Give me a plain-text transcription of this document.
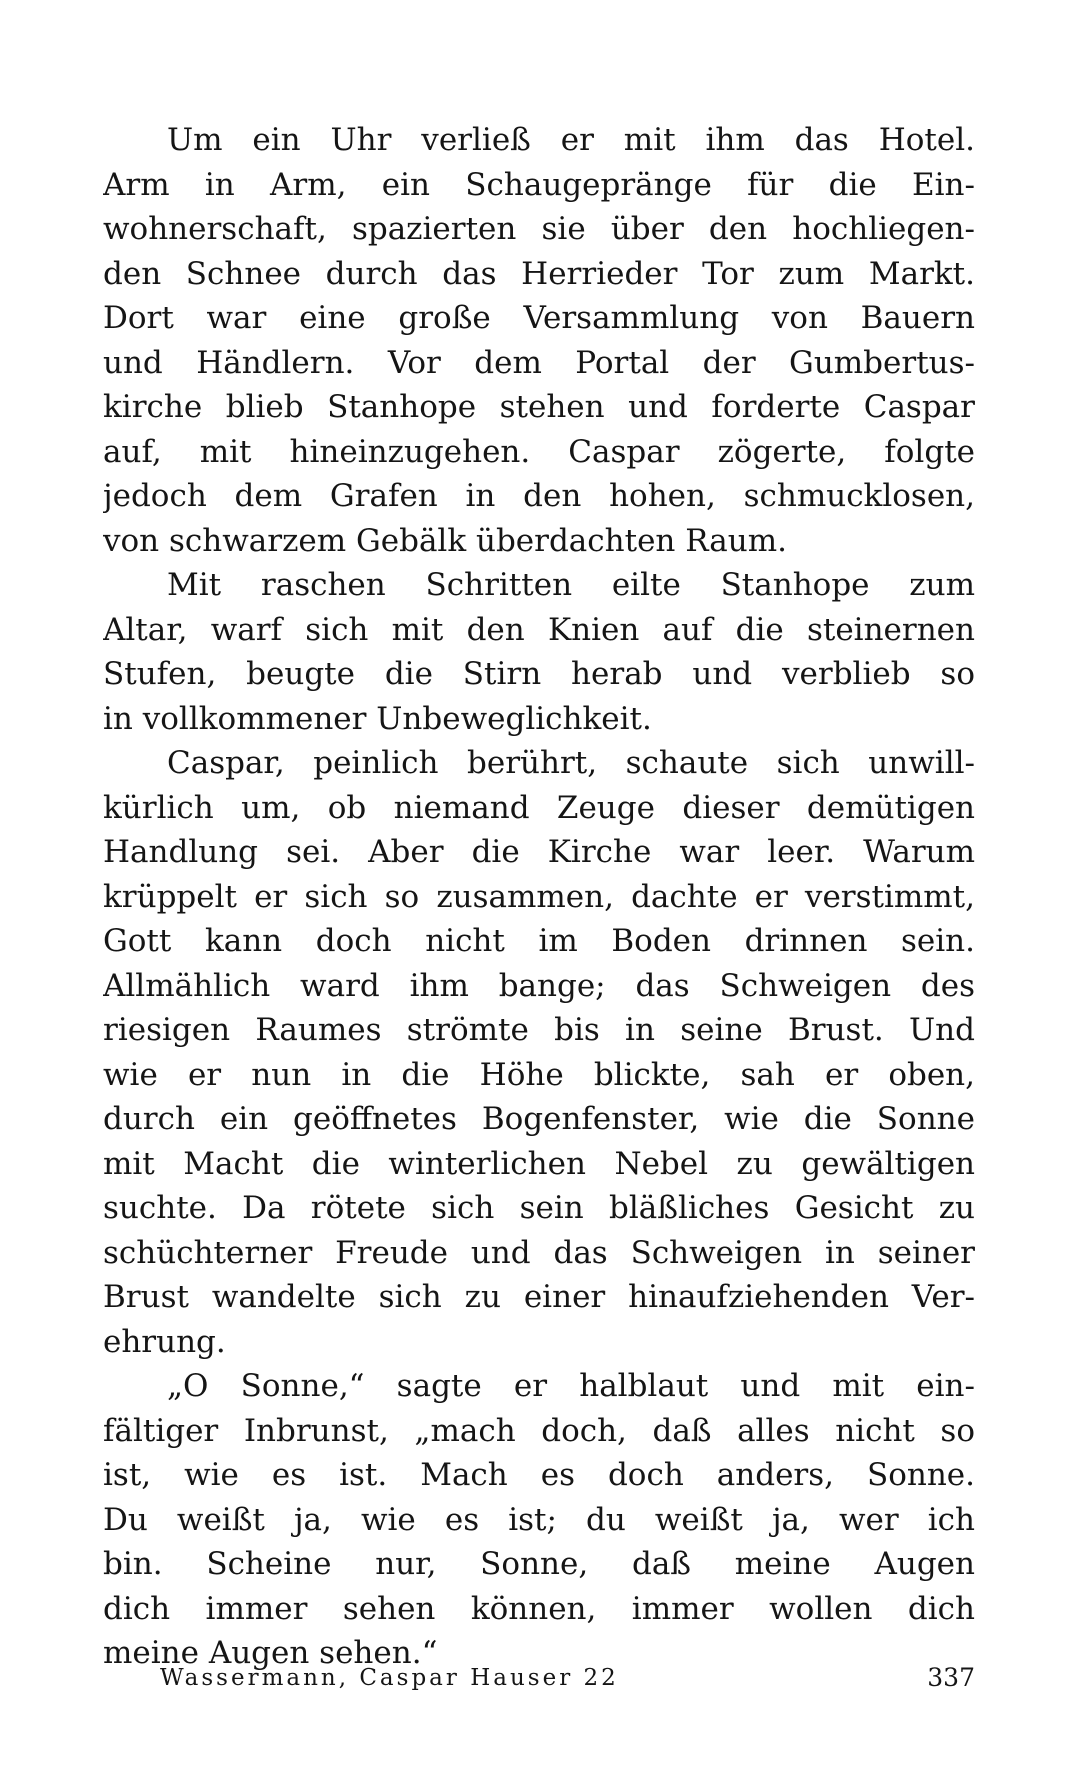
Um ein Uhr verließ er mit ihm das Hotel.
Arm in Arm, ein Schaugepränge für die Ein-
wohnerschaft, spazierten sie über den hochliegen-
den Schnee durch das Herrieder Tor zum Markt.
Dort war eine große Versammlung von Bauern
und Händlern. Vor dem Portal der Gumbertus-
kirche blieb Stanhope stehen und forderte Caspar
auf, mit hineinzugehen. Caspar zögerte, folgte
jedoch dem Grafen in den hohen, schmucklosen,
von schwarzem Gebälk überdachten Raum.
Mit raschen Schritten eilte Stanhope zum
Altar, warf sich mit den Knien auf die steinernen
Stufen, beugte die Stirn herab und verblieb so
in vollkommener Unbeweglichkeit.
Caspar, peinlich berührt, schaute sich unwill-
kürlich um, ob niemand Zeuge dieser demütigen
Handlung sei. Aber die Kirche war leer. Warum
krüppelt er sich so zusammen, dachte er verstimmt,
Gott kann doch nicht im Boden drinnen sein.
Allmählich ward ihm bange; das Schweigen des
riesigen Raumes strömte bis in seine Brust. Und
wie er nun in die Höhe blickte, sah er oben,
durch ein geöffnetes Bogenfenster, wie die Sonne
mit Macht die winterlichen Nebel zu gewältigen
suchte. Da rötete sich sein bläßliches Gesicht zu
schüchterner Freude und das Schweigen in seiner
Brust wandelte sich zu einer hinaufziehenden Ver-
ehrung.
„O Sonne,“ sagte er halblaut und mit ein-
fältiger Inbrunst, „mach doch, daß alles nicht so
ist, wie es ist. Mach es doch anders, Sonne.
Du weißt ja, wie es ist; du weißt ja, wer ich
bin. Scheine nur, Sonne, daß meine Augen
dich immer sehen können, immer wollen dich
meine Augen sehen.“
Wassermann, Caspar Hauser 22	337
